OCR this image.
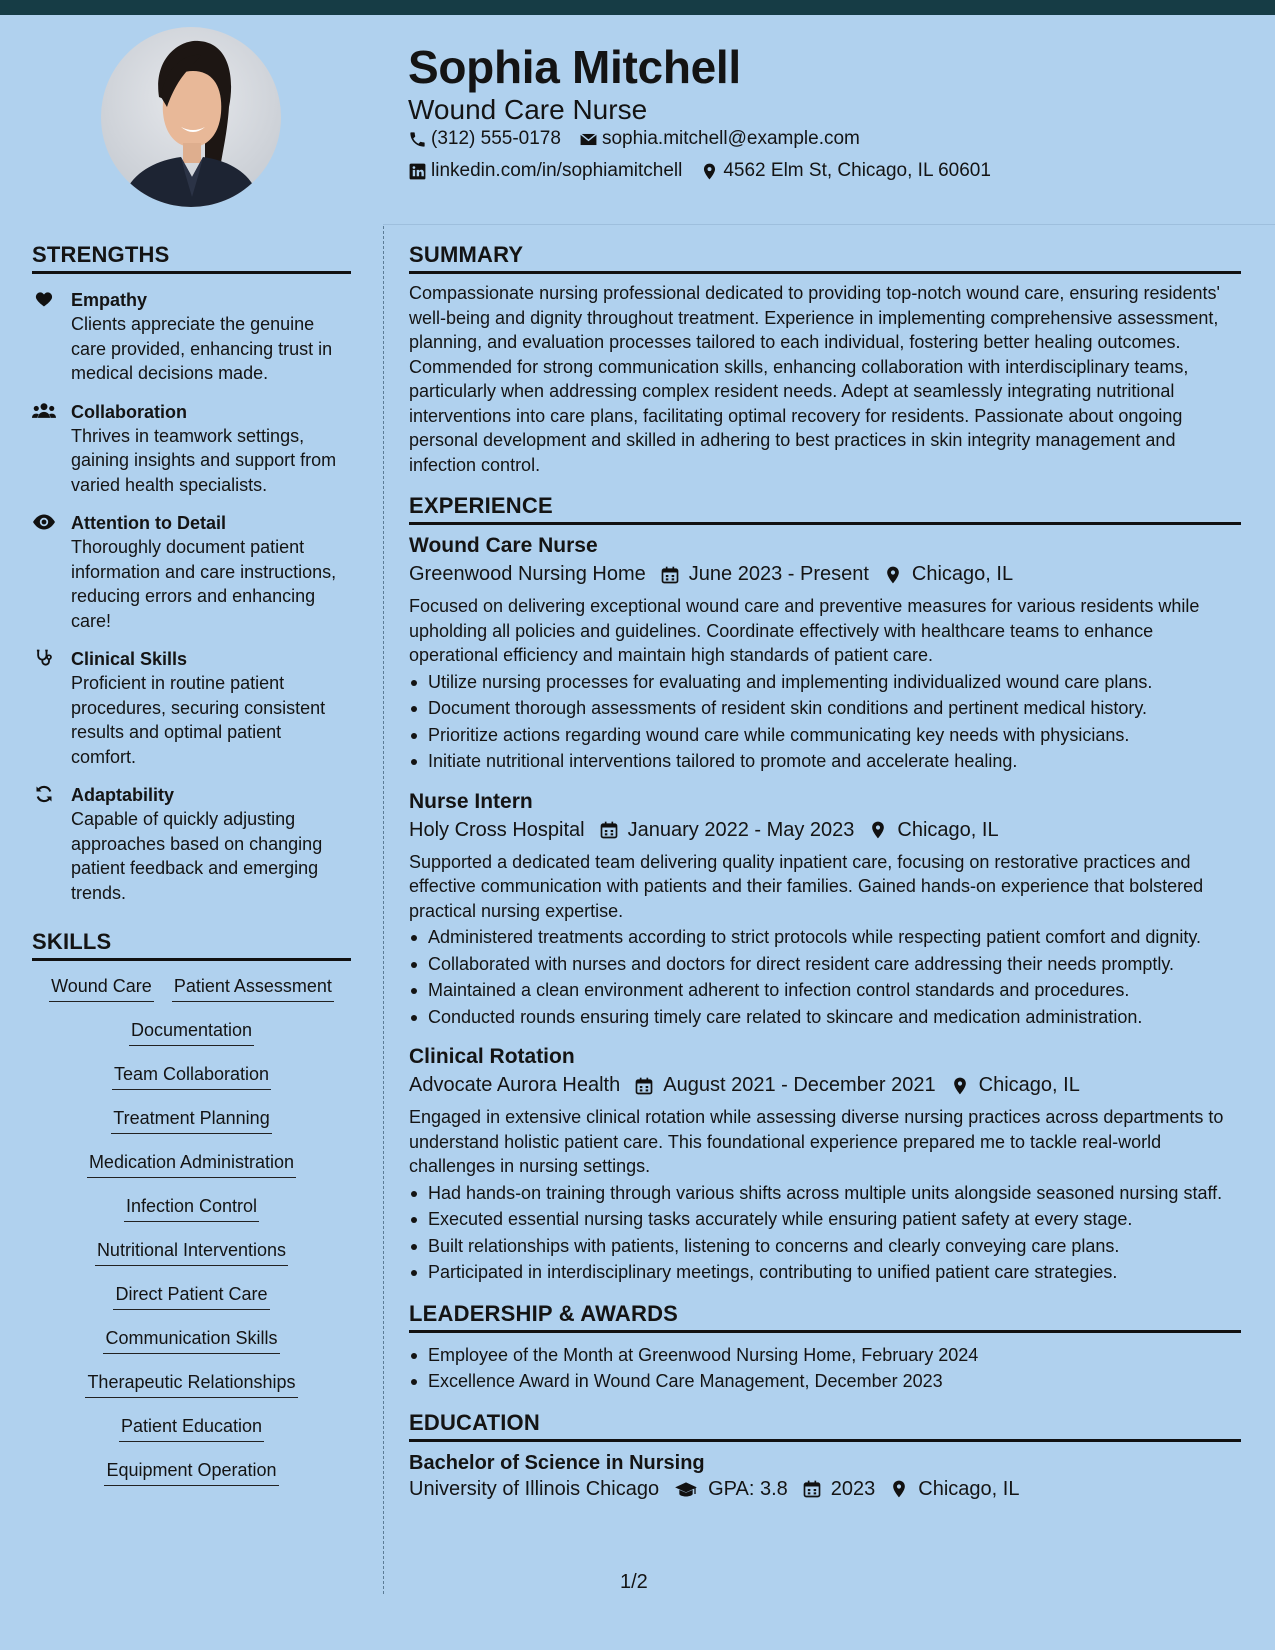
Sophia Mitchell
Wound Care Nurse
(312) 555-0178 sophia.mitchell@example.com
linkedin.com/in/sophiamitchell 4562 Elm St, Chicago, IL 60601
STRENGTHS
Empathy
Clients appreciate the genuine care provided, enhancing trust in medical decisions made.
Collaboration
Thrives in teamwork settings, gaining insights and support from varied health specialists.
Attention to Detail
Thoroughly document patient information and care instructions, reducing errors and enhancing care!
Clinical Skills
Proficient in routine patient procedures, securing consistent results and optimal patient comfort.
Adaptability
Capable of quickly adjusting approaches based on changing patient feedback and emerging trends.
SKILLS
Wound Care Patient Assessment
Documentation
Team Collaboration
Treatment Planning
Medication Administration
Infection Control
Nutritional Interventions
Direct Patient Care
Communication Skills
Therapeutic Relationships
Patient Education
Equipment Operation
SUMMARY
Compassionate nursing professional dedicated to providing top-notch wound care, ensuring residents' well-being and dignity throughout treatment. Experience in implementing comprehensive assessment, planning, and evaluation processes tailored to each individual, fostering better healing outcomes. Commended for strong communication skills, enhancing collaboration with interdisciplinary teams, particularly when addressing complex resident needs. Adept at seamlessly integrating nutritional interventions into care plans, facilitating optimal recovery for residents. Passionate about ongoing personal development and skilled in adhering to best practices in skin integrity management and infection control.
EXPERIENCE
Wound Care Nurse
Greenwood Nursing Home June 2023 - Present Chicago, IL
Focused on delivering exceptional wound care and preventive measures for various residents while upholding all policies and guidelines. Coordinate effectively with healthcare teams to enhance operational efficiency and maintain high standards of patient care.
Utilize nursing processes for evaluating and implementing individualized wound care plans.
Document thorough assessments of resident skin conditions and pertinent medical history.
Prioritize actions regarding wound care while communicating key needs with physicians.
Initiate nutritional interventions tailored to promote and accelerate healing.
Nurse Intern
Holy Cross Hospital January 2022 - May 2023 Chicago, IL
Supported a dedicated team delivering quality inpatient care, focusing on restorative practices and effective communication with patients and their families. Gained hands-on experience that bolstered practical nursing expertise.
Administered treatments according to strict protocols while respecting patient comfort and dignity.
Collaborated with nurses and doctors for direct resident care addressing their needs promptly.
Maintained a clean environment adherent to infection control standards and procedures.
Conducted rounds ensuring timely care related to skincare and medication administration.
Clinical Rotation
Advocate Aurora Health August 2021 - December 2021 Chicago, IL
Engaged in extensive clinical rotation while assessing diverse nursing practices across departments to understand holistic patient care. This foundational experience prepared me to tackle real-world challenges in nursing settings.
Had hands-on training through various shifts across multiple units alongside seasoned nursing staff.
Executed essential nursing tasks accurately while ensuring patient safety at every stage.
Built relationships with patients, listening to concerns and clearly conveying care plans.
Participated in interdisciplinary meetings, contributing to unified patient care strategies.
LEADERSHIP & AWARDS
Employee of the Month at Greenwood Nursing Home, February 2024
Excellence Award in Wound Care Management, December 2023
EDUCATION
Bachelor of Science in Nursing
University of Illinois Chicago GPA: 3.8 2023 Chicago, IL
1/2
